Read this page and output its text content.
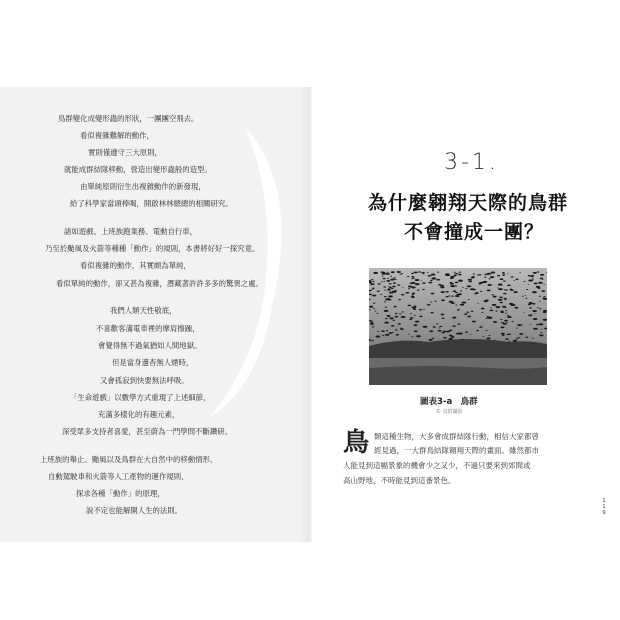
鳥群變化成變形蟲的形狀，一團團空飛去。
看似複雜難解的動作，
實則僅遵守三大原則，
就能成群結隊移動，營造出變形蟲般的造型。
由單純原則衍生出複雜動作的新發現，
給了科學家當頭棒喝，開啟林林總總的相關研究。
諸如遊戲、上班族跑業務、電動自行車，
乃至於颱風及火箭等種種「動作」的規則，本書將好好一探究竟。
看似複雜的動作，其實頗為單純，
看似單純的動作，卻又甚為複雜，潛藏著許許多多的驚異之處。
我們人類天性敬底，
不喜歡客滿電車裡的摩肩擦踵，
會覺得無不過氣猶如人間地獄。
但是當身邊杳無人煙時，
又會孤寂到快要無法呼吸。
「生命遊戲」以數學方式重現了上述細節，
充滿多樣化的有趣元素，
深受眾多支持者喜愛，甚至蔚為一門學問不斷鑽研。
上班族的舉止、颱風以及鳥群在大自然中的移動情形、
自動駕駛車和火箭等人工產物的運作規則、
探求各種「動作」的原理，
說不定也能解開人生的法則。
3-1.
為什麼翱翔天際的鳥群
不會撞成一團？
圖表3-a　鳥群
© 鳥群攝影
鳥 類這種生物，大多會成群結隊行動，相信大家都曾
經見過，一大群鳥結隊翱翔天際的畫面。雖然都市
人能見到這幅景象的機會少之又少，不過只要來到郊間或
高山野地，不時能見到這番景色。
1
1
9
